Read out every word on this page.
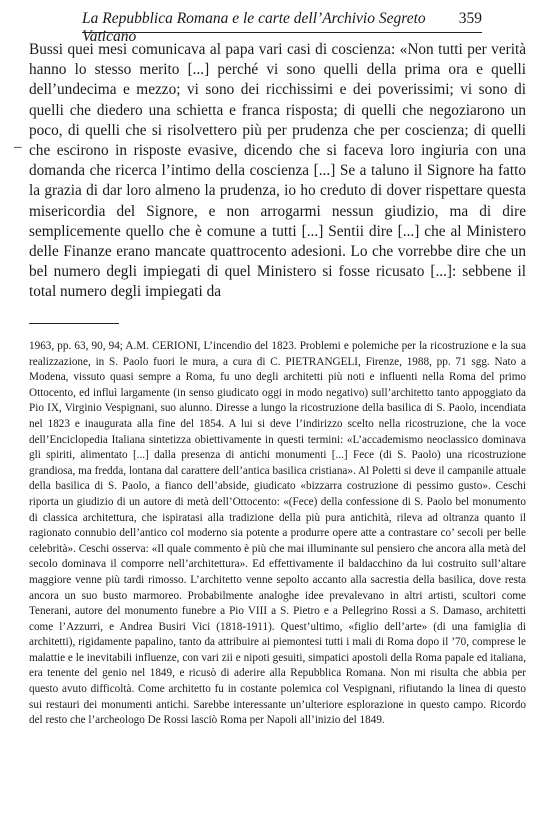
La Repubblica Romana e le carte dell’Archivio Segreto Vaticano
359
_

Bussi quei mesi comunicava al papa vari casi di coscienza: «Non tutti per verità hanno lo stesso merito [...] perché vi sono quelli della prima ora e quelli dell’undecima e mezzo; vi sono dei ricchissimi e dei poverissimi; vi sono di quelli che diedero una schietta e franca risposta; di quelli che negoziarono un poco, di quelli che si risolvettero più per prudenza che per coscienza; di quelli che escirono in risposte evasive, dicendo che si faceva loro ingiuria con una domanda che ricerca l’intimo della coscienza [...] Se a taluno il Signore ha fatto la grazia di dar loro almeno la prudenza, io ho creduto di dover rispettare questa misericordia del Signore, e non arrogarmi nessun giudizio, ma di dire semplicemente quello che è comune a tutti [...] Sentii dire [...] che al Ministero delle Finanze erano mancate quattrocento adesioni. Lo che vorrebbe dire che un bel numero degli impiegati di quel Ministero si fosse ricusato [...]: sebbene il total numero degli impiegati da

1963, pp. 63, 90, 94; A.M. CERIONI, L’incendio del 1823. Problemi e polemiche per la ricostruzione e la sua realizzazione, in S. Paolo fuori le mura, a cura di C. PIETRANGELI, Firenze, 1988, pp. 71 sgg. Nato a Modena, vissuto quasi sempre a Roma, fu uno degli architetti più noti e influenti nella Roma del primo Ottocento, ed influì largamente (in senso giudicato oggi in modo negativo) sull’architetto tanto appoggiato da Pio IX, Virginio Vespignani, suo alunno. Diresse a lungo la ricostruzione della basilica di S. Paolo, incendiata nel 1823 e inaugurata alla fine del 1854. A lui si deve l’indirizzo scelto nella ricostruzione, che la voce dell’Enciclopedia Italiana sintetizza obiettivamente in questi termini: «L’accademismo neoclassico dominava gli spiriti, alimentato [...] dalla presenza di antichi monumenti [...] Fece (di S. Paolo) una ricostruzione grandiosa, ma fredda, lontana dal carattere dell’antica basilica cristiana». Al Poletti si deve il campanile attuale della basilica di S. Paolo, a fianco dell’abside, giudicato «bizzarra costruzione di pessimo gusto». Ceschi riporta un giudizio di un autore di metà dell’Ottocento: «(Fece) della confessione di S. Paolo bel monumento di classica architettura, che ispiratasi alla tradizione della più pura antichità, rileva ad oltranza quanto il ragionato connubio dell’antico col moderno sia potente a produrre opere atte a contrastare co’ secoli per belle celebrità». Ceschi osserva: «Il quale commento è più che mai illuminante sul pensiero che ancora alla metà del secolo dominava il comporre nell’architettura». Ed effettivamente il baldacchino da lui costruito sull’altare maggiore venne più tardi rimosso. L’architetto venne sepolto accanto alla sacrestia della basilica, dove resta ancora un suo busto marmoreo. Probabilmente analoghe idee prevalevano in altri artisti, scultori come Tenerani, autore del monumento funebre a Pio VIII a S. Pietro e a Pellegrino Rossi a S. Damaso, architetti come l’Azzurri, e Andrea Busiri Vici (1818-1911). Quest’ultimo, «figlio dell’arte» (di una famiglia di architetti), rigidamente papalino, tanto da attribuire ai piemontesi tutti i mali di Roma dopo il ’70, comprese le malattie e le inevitabili influenze, con vari zii e nipoti gesuiti, simpatici apostoli della Roma papale ed italiana, era tenente del genio nel 1849, e ricusò di aderire alla Repubblica Romana. Non mi risulta che abbia per questo avuto difficoltà. Come architetto fu in costante polemica col Vespignani, rifiutando la linea di questo sui restauri dei monumenti antichi. Sarebbe interessante un’ulteriore esplorazione in questo campo. Ricordo del resto che l’archeologo De Rossi lasciò Roma per Napoli all’inizio del 1849.
